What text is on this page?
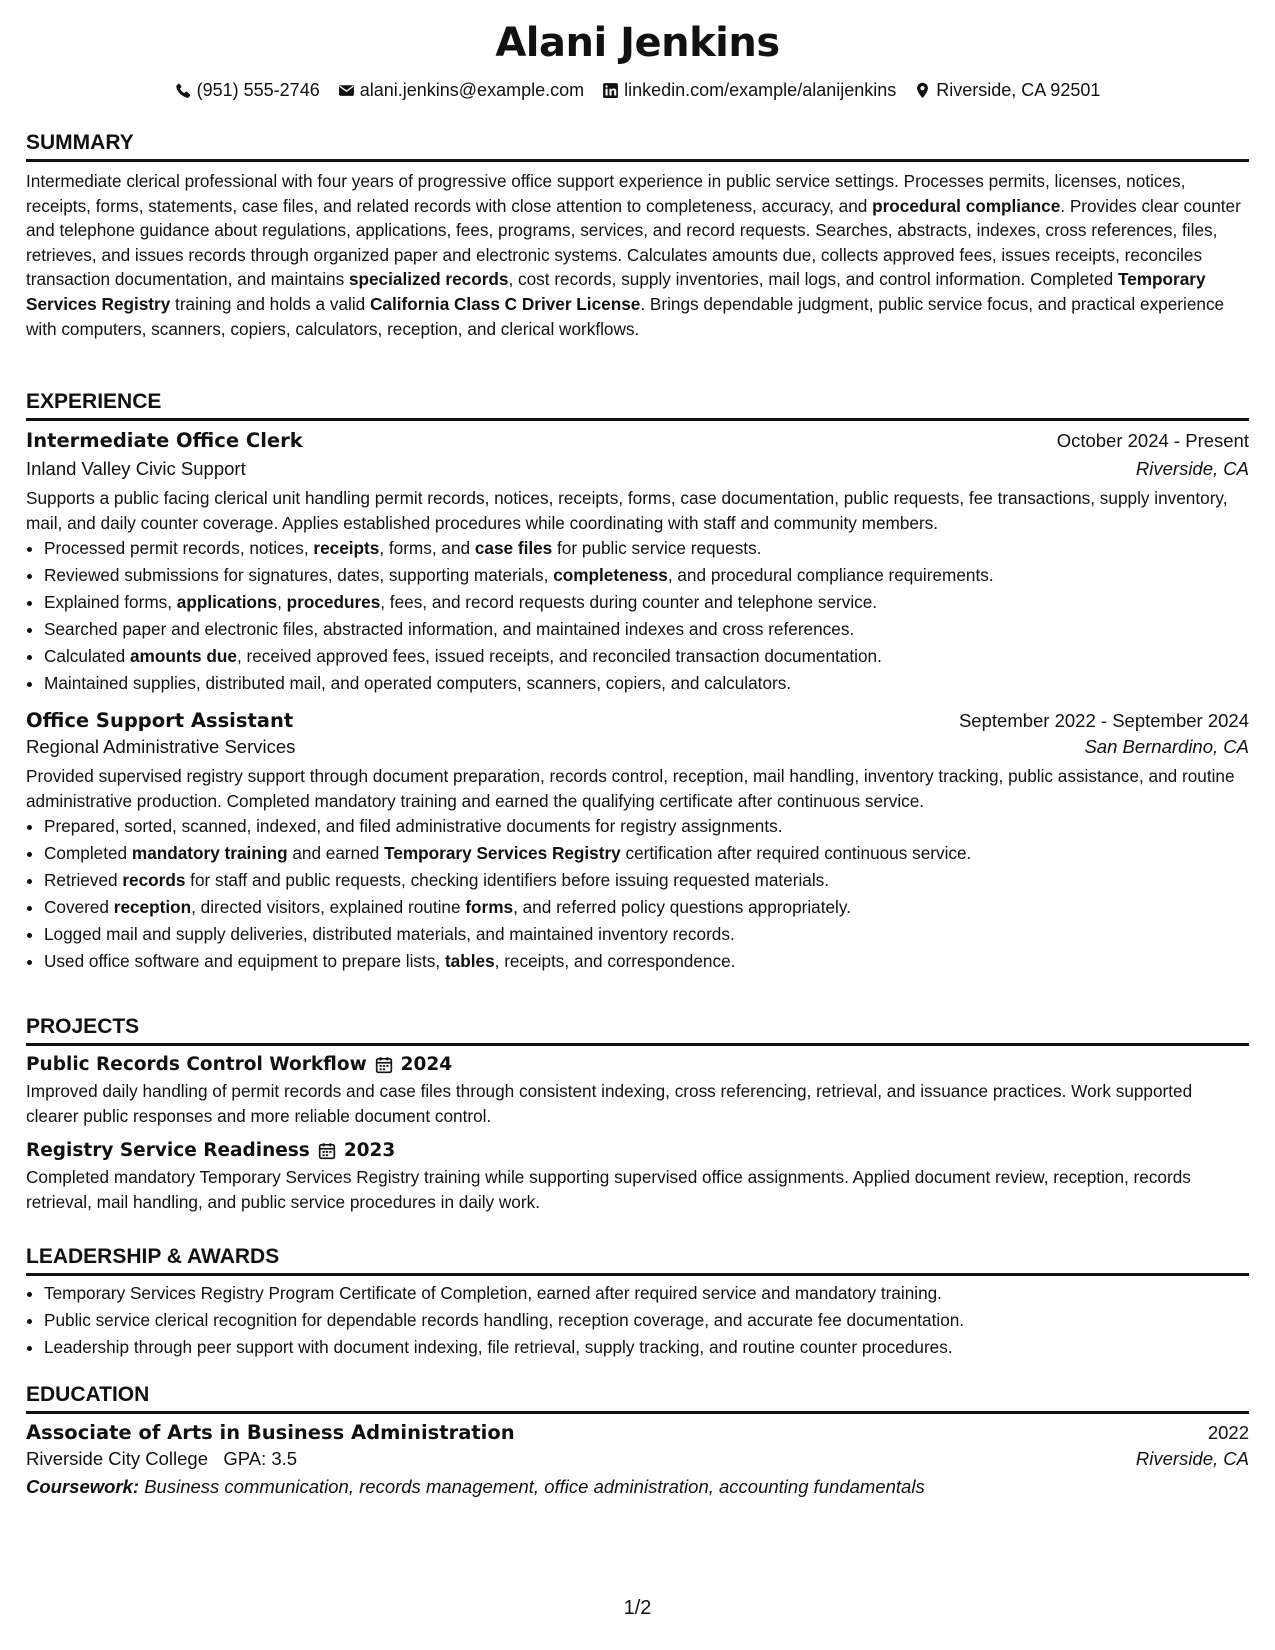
Alani Jenkins
(951) 555-2746 alani.jenkins@example.com linkedin.com/example/alanijenkins Riverside, CA 92501
SUMMARY
Intermediate clerical professional with four years of progressive office support experience in public service settings. Processes permits, licenses, notices, receipts, forms, statements, case files, and related records with close attention to completeness, accuracy, and procedural compliance. Provides clear counter and telephone guidance about regulations, applications, fees, programs, services, and record requests. Searches, abstracts, indexes, cross references, files, retrieves, and issues records through organized paper and electronic systems. Calculates amounts due, collects approved fees, issues receipts, reconciles transaction documentation, and maintains specialized records, cost records, supply inventories, mail logs, and control information. Completed Temporary Services Registry training and holds a valid California Class C Driver License. Brings dependable judgment, public service focus, and practical experience with computers, scanners, copiers, calculators, reception, and clerical workflows.
EXPERIENCE
Intermediate Office Clerk	October 2024 - Present
Inland Valley Civic Support	Riverside, CA
Supports a public facing clerical unit handling permit records, notices, receipts, forms, case documentation, public requests, fee transactions, supply inventory, mail, and daily counter coverage. Applies established procedures while coordinating with staff and community members.
• Processed permit records, notices, receipts, forms, and case files for public service requests.
• Reviewed submissions for signatures, dates, supporting materials, completeness, and procedural compliance requirements.
• Explained forms, applications, procedures, fees, and record requests during counter and telephone service.
• Searched paper and electronic files, abstracted information, and maintained indexes and cross references.
• Calculated amounts due, received approved fees, issued receipts, and reconciled transaction documentation.
• Maintained supplies, distributed mail, and operated computers, scanners, copiers, and calculators.
Office Support Assistant	September 2022 - September 2024
Regional Administrative Services	San Bernardino, CA
Provided supervised registry support through document preparation, records control, reception, mail handling, inventory tracking, public assistance, and routine administrative production. Completed mandatory training and earned the qualifying certificate after continuous service.
• Prepared, sorted, scanned, indexed, and filed administrative documents for registry assignments.
• Completed mandatory training and earned Temporary Services Registry certification after required continuous service.
• Retrieved records for staff and public requests, checking identifiers before issuing requested materials.
• Covered reception, directed visitors, explained routine forms, and referred policy questions appropriately.
• Logged mail and supply deliveries, distributed materials, and maintained inventory records.
• Used office software and equipment to prepare lists, tables, receipts, and correspondence.
PROJECTS
Public Records Control Workflow 2024
Improved daily handling of permit records and case files through consistent indexing, cross referencing, retrieval, and issuance practices. Work supported clearer public responses and more reliable document control.
Registry Service Readiness 2023
Completed mandatory Temporary Services Registry training while supporting supervised office assignments. Applied document review, reception, records retrieval, mail handling, and public service procedures in daily work.
LEADERSHIP & AWARDS
• Temporary Services Registry Program Certificate of Completion, earned after required service and mandatory training.
• Public service clerical recognition for dependable records handling, reception coverage, and accurate fee documentation.
• Leadership through peer support with document indexing, file retrieval, supply tracking, and routine counter procedures.
EDUCATION
Associate of Arts in Business Administration	2022
Riverside City College GPA: 3.5	Riverside, CA
Coursework: Business communication, records management, office administration, accounting fundamentals
1/2
